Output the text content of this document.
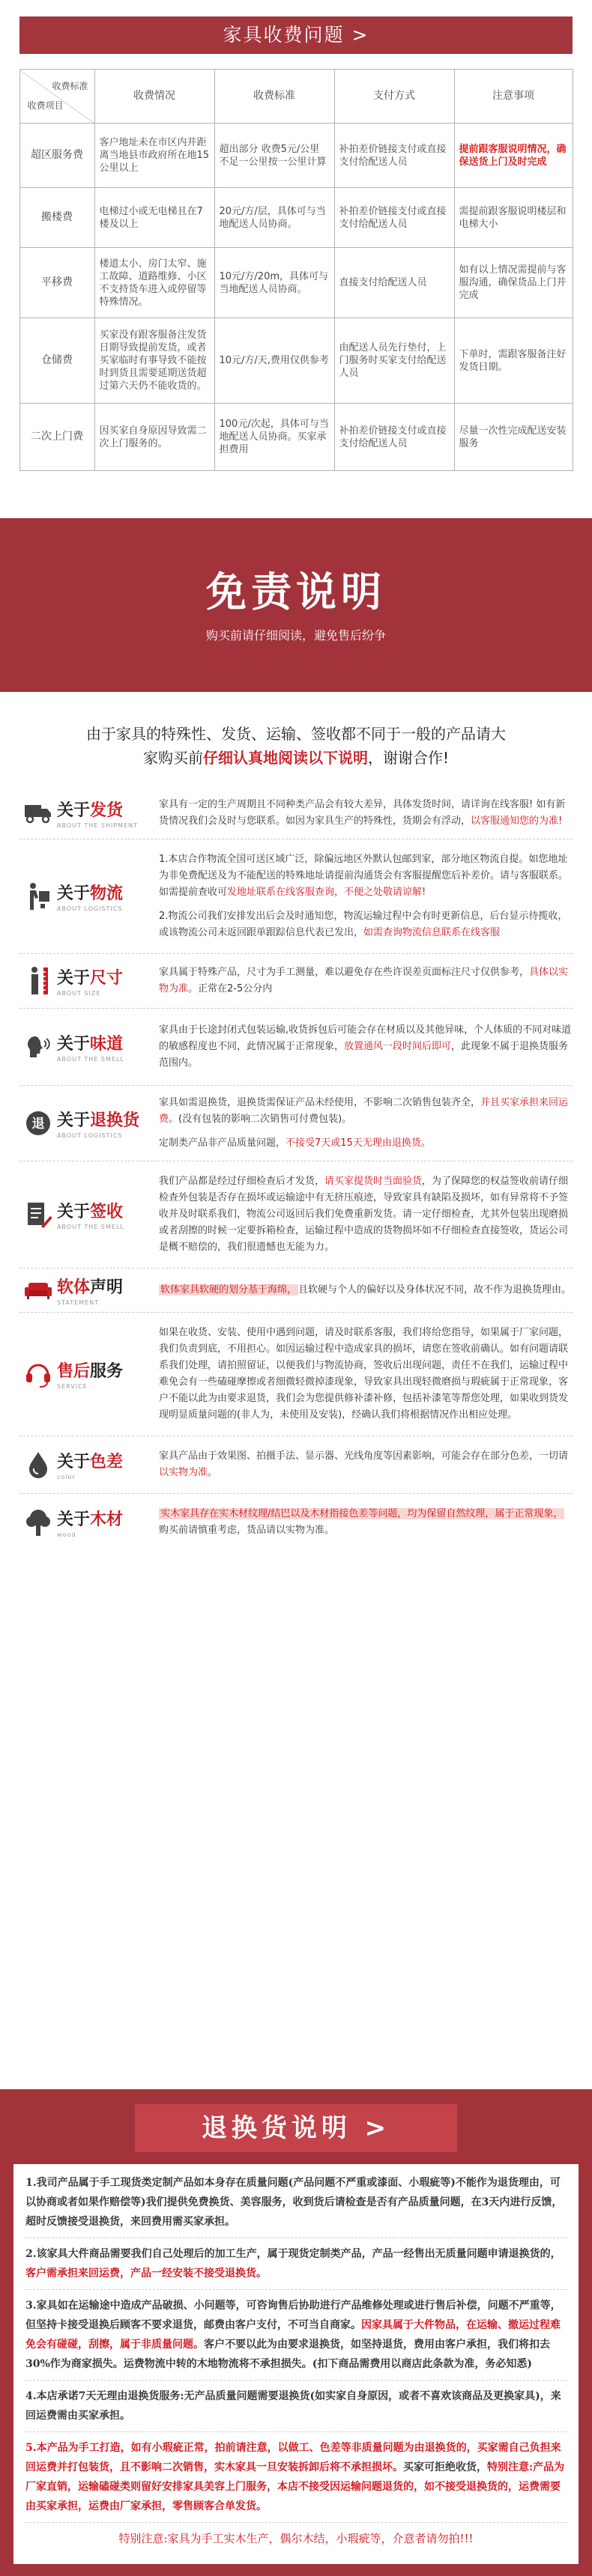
家具收费问题 >
收费标准
收费项目	收费情况	收费标准	支付方式	注意事项
超区服务费	客户地址未在市区内并距离当地县市政府所在地15公里以上	超出部分 收费5元/公里 不足一公里按一公里计算	补拍差价链接支付或直接支付给配送人员	提前跟客服说明情况，确保送货上门及时完成
搬楼费	电梯过小或无电梯且在7楼及以上	20元/方/层，具体可与当地配送人员协商。	补拍差价链接支付或直接支付给配送人员	需提前跟客服说明楼层和电梯大小
平移费	楼道太小、房门太窄、施工故障、道路维修、小区不支持货车进入或停留等特殊情况。	10元/方/20m，具体可与当地配送人员协商。	直接支付给配送人员	如有以上情况需提前与客服沟通，确保货品上门并完成
仓储费	买家没有跟客服备注发货日期导致提前发货，或者买家临时有事导致不能按时到货且需要延期送货超过第六天仍不能收货的。	10元/方/天,费用仅供参考	由配送人员先行垫付，上门服务时买家支付给配送人员	下单时，需跟客服备注好发货日期。
二次上门费	因买家自身原因导致需二次上门服务的。	100元/次起，具体可与当地配送人员协商。买家承担费用	补拍差价链接支付或直接支付给配送人员	尽量一次性完成配送安装服务
免责说明
购买前请仔细阅读，避免售后纷争
由于家具的特殊性、发货、运输、签收都不同于一般的产品请大
家购买前仔细认真地阅读以下说明，谢谢合作!
关于发货
ABOUT THE SHIPMENT
家具有一定的生产周期且不同种类产品会有较大差异，具体发货时间，请详询在线客服! 如有新货情况我们会及时与您联系。如因为家具生产的特殊性，货期会有浮动，以客服通知您的为准!
关于物流
ABOUT LOGISTICS
1.本店合作物流全国可送区域广泛，除偏远地区外默认包邮到家，部分地区物流自提。如您地址为非免费配送及为不能配送的特殊地址请提前沟通货会有客服提醒您后补差价。请与客服联系。如需提前查收可发地址联系在线客服查询，不便之处敬请谅解!
2.物流公司我们安排发出后会及时通知您，物流运输过程中会有时更新信息，后台显示待揽收，或该物流公司未返回跟单跟踪信息代表已发出，如需查询物流信息联系在线客服
关于尺寸
ABOUT SIZE
家具属于特殊产品，尺寸为手工测量，难以避免存在些许误差页面标注尺寸仅供参考，具体以实物为准。正常在2-5公分内
关于味道
ABOUT THE SMELL
家具由于长途封闭式包装运输,收货拆包后可能会存在材质以及其他异味，个人体质的不同对味道的敏感程度也不同，此情况属于正常现象，放置通风一段时间后即可，此现象不属于退换货服务范围内。
退 关于退换货
ABOUT LOGISTICS
家具如需退换货，退换货需保证产品未经使用，不影响二次销售包装齐全，并且买家承担来回运费。(没有包装的影响二次销售可付费包装)。
定制类产品非产品质量问题，不接受7天或15天无理由退换货。
关于签收
ABOUT THE SMELL
我们产品都是经过仔细检查后才发货，请买家提货时当面验货，为了保障您的权益签收前请仔细检查外包装是否存在损坏或运输途中有无挤压痕迹，导致家具有缺陷及损坏，如有异常将不予签收并及时联系我们，物流公司返回后我们免费重新发货。请一定仔细检查，尤其外包装出现磨损或者刮擦的时候一定要拆箱检查，运输过程中造成的货物损坏如不仔细检查直接签收，货运公司是概不赔偿的，我们很遗憾也无能为力。
软体声明
STATEMENT
软体家具软硬的划分基于海绵， 且软硬与个人的偏好以及身体状况不同，故不作为退换货理由。
售后服务
SERVICE
如果在收货、安装、使用中遇到问题，请及时联系客服，我们将给您指导，如果属于厂家问题，我们负责到底，不用担心。如因运输过程中造成家具的损坏，请您在签收前确认。如有问题请联系我们处理，请拍照留证，以便我们与物流协商，签收后出现问题，责任不在我们，运输过程中难免会有一些磕碰摩擦或者细微轻微掉漆现象，导致家具出现轻微磨损与瑕疵属于正常现象，客户不能以此为由要求退货，我们会为您提供修补漆补修，包括补漆笔等帮您处理，如果收到货发现明显质量问题的(非人为，未使用及安装)，经确认我们将根据情况作出相应处理。
关于色差
color
家具产品由于效果图、拍摄手法、显示器、光线角度等因素影响，可能会存在部分色差，一切请以实物为准。
关于木材
wood
实木家具存在实木材纹理/结巴以及木材指接色差等问题，均为保留自然纹理，属于正常现象，购买前请慎重考虑，货品请以实物为准。
退换货说明 >
1.我司产品属于手工现货类定制产品如本身存在质量问题(产品问题不严重或漆面、小瑕疵等)不能作为退货理由，可以协商或者如果作赔偿等)我们提供免费换货、美容服务，收到货后请检查是否有产品质量问题，在3天内进行反馈，超时反馈接受退换货，来回费用需买家承担。
2.该家具大件商品需要我们自己处理后的加工生产，属于现货定制类产品，产品一经售出无质量问题申请退换货的，客户需承担来回运费，产品一经安装不接受退换货。
3.家具如在运输途中造成产品破损、小问题等，可咨询售后协助进行产品维修处理或进行售后补偿，问题不严重等，但坚持卡接受退换后顾客不要求退货，邮费由客户支付，不可当自商家。因家具属于大件物品，在运输、撤运过程难免会有碰碰，刮擦，属于非质量问题。客户不要以此为由要求退换货，如坚持退货，费用由客户承担，我们将扣去30%作为商家损失。运费物流中转的木地物流将不承担损失。(扣下商品需费用以商店此条款为准，务必知悉)
4.本店承诺7天无理由退换货服务:无产品质量问题需要退换货(如实家自身原因，或者不喜欢该商品及更换家具)，来回运费需由买家承担。
5.本产品为手工打造，如有小瑕疵正常，拍前请注意，以做工、色差等非质量问题为由退换货的，买家需自己负担来回运费并打包装货，且不影响二次销售，实木家具一旦安装拆卸后将不承担损坏。买家可拒绝收货，特别注意:产品为厂家直销，运输磕碰类则留好安排家具美容上门服务，本店不接受因运输问题退货的，如不接受退换货的，运费需要由买家承担，运费由厂家承担，零售顾客合单发货。
特别注意:家具为手工实木生产，偶尔木结，小瑕疵等，介意者请勿拍!!!
